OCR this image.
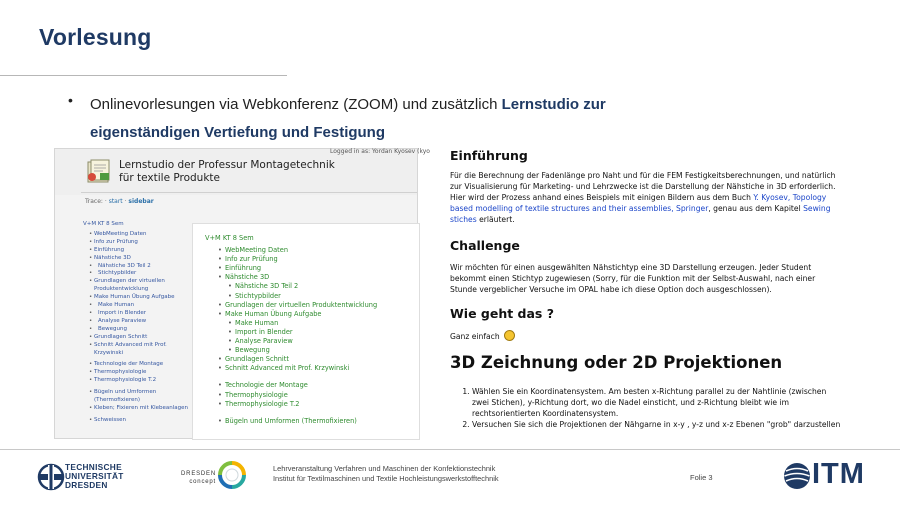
Vorlesung
• Onlinevorlesungen via Webkonferenz (ZOOM) und zusätzlich Lernstudio zur eigenständigen Vertiefung und Festigung
Logged in as: Yordan Kyosev (kyo
Lernstudio der Professur Montagetechnik
für textile Produkte
Trace: · start · sidebar
V+M KT 8 Sem
• WebMeeting Daten
• Info zur Prüfung
• Einführung
• Nähstiche 3D
• Nähstiche 3D Teil 2
• Stichtypbilder
• Grundlagen der virtuellen Produktentwicklung
• Make Human Übung Aufgabe
• Make Human
• Import in Blender
• Analyse Paraview
• Bewegung
• Grundlagen Schnitt
• Schnitt Advanced mit Prof. Krzywinski
• Technologie der Montage
• Thermophysiologie
• Thermophysiologie T.2
• Bügeln und Umformen (Thermofixieren)
• Kleben; Fixieren mit Klebeanlagen
• Schweissen
V+M KT 8 Sem
• WebMeeting Daten
• Info zur Prüfung
• Einführung
• Nähstiche 3D
• Nähstiche 3D Teil 2
• Stichtypbilder
• Grundlagen der virtuellen Produktentwicklung
• Make Human Übung Aufgabe
• Make Human
• Import in Blender
• Analyse Paraview
• Bewegung
• Grundlagen Schnitt
• Schnitt Advanced mit Prof. Krzywinski
• Technologie der Montage
• Thermophysiologie
• Thermophysiologie T.2
• Bügeln und Umformen (Thermofixieren)
Einführung
Für die Berechnung der Fadenlänge pro Naht und für die FEM Festigkeitsberechnungen, und natürlich zur Visualisierung für Marketing- und Lehrzwecke ist die Darstellung der Nähstiche in 3D erforderlich. Hier wird der Prozess anhand eines Beispiels mit einigen Bildern aus dem Buch Y. Kyosev, Topology based modelling of textile structures and their assemblies, Springer, genau aus dem Kapitel Sewing stiches erläutert.
Challenge
Wir möchten für einen ausgewählten Nähstichtyp eine 3D Darstellung erzeugen. Jeder Student bekommt einen Stichtyp zugewiesen (Sorry, für die Funktion mit der Selbst-Auswahl, nach einer Stunde vergeblicher Versuche im OPAL habe ich diese Option doch ausgeschlossen).
Wie geht das ?
Ganz einfach
3D Zeichnung oder 2D Projektionen
1. Wählen Sie ein Koordinatensystem. Am besten x-Richtung parallel zu der Nahtlinie (zwischen zwei Stichen), y-Richtung dort, wo die Nadel einsticht, und z-Richtung bleibt wie im rechtsorientierten Koordinatensystem.
2. Versuchen Sie sich die Projektionen der Nähgarne in x-y , y-z und x-z Ebenen "grob" darzustellen
TECHNISCHE
UNIVERSITÄT
DRESDEN
DRESDEN
concept
Lehrveranstaltung Verfahren und Maschinen der Konfektionstechnik
Institut für Textilmaschinen und Textile Hochleistungswerkstofftechnik	Folie 3	ITM
